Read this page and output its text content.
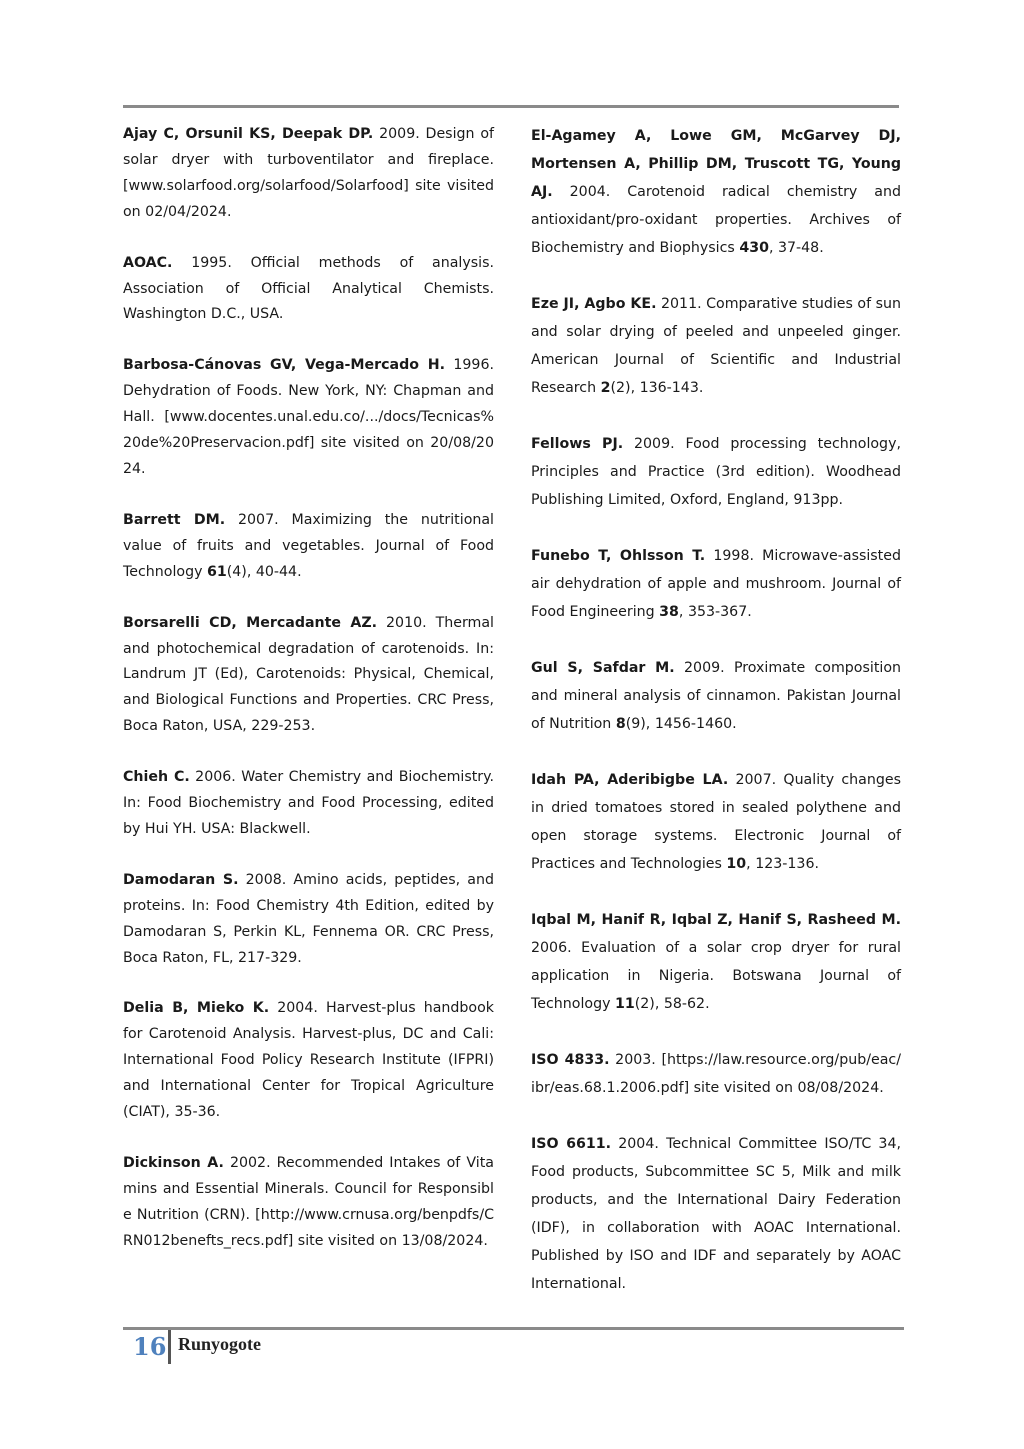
Ajay C, Orsunil KS, Deepak DP. 2009. Design of solar dryer with turboventilator and fireplace. [www.solarfood.org/solarfood/Solarfood] site visited on 02/04/2024.

AOAC. 1995. Official methods of analysis. Association of Official Analytical Chemists. Washington D.C., USA.

Barbosa-Cánovas GV, Vega-Mercado H. 1996. Dehydration of Foods. New York, NY: Chapman and Hall. [www.docentes.unal.edu.co/.../docs/Tecnicas%20de%20Preservacion.pdf] site visited on 20/08/2024.

Barrett DM. 2007. Maximizing the nutritional value of fruits and vegetables. Journal of Food Technology 61(4), 40-44.

Borsarelli CD, Mercadante AZ. 2010. Thermal and photochemical degradation of carotenoids. In: Landrum JT (Ed), Carotenoids: Physical, Chemical, and Biological Functions and Properties. CRC Press, Boca Raton, USA, 229-253.

Chieh C. 2006. Water Chemistry and Biochemistry. In: Food Biochemistry and Food Processing, edited by Hui YH. USA: Blackwell.

Damodaran S. 2008. Amino acids, peptides, and proteins. In: Food Chemistry 4th Edition, edited by Damodaran S, Perkin KL, Fennema OR. CRC Press, Boca Raton, FL, 217-329.

Delia B, Mieko K. 2004. Harvest-plus handbook for Carotenoid Analysis. Harvest-plus, DC and Cali: International Food Policy Research Institute (IFPRI) and International Center for Tropical Agriculture (CIAT), 35-36.

Dickinson A. 2002. Recommended Intakes of Vitamins and Essential Minerals. Council for Responsible Nutrition (CRN). [http://www.crnusa.org/benpdfs/CRN012benefts_recs.pdf] site visited on 13/08/2024.

El-Agamey A, Lowe GM, McGarvey DJ, Mortensen A, Phillip DM, Truscott TG, Young AJ. 2004. Carotenoid radical chemistry and antioxidant/pro-oxidant properties. Archives of Biochemistry and Biophysics 430, 37-48.

Eze JI, Agbo KE. 2011. Comparative studies of sun and solar drying of peeled and unpeeled ginger. American Journal of Scientific and Industrial Research 2(2), 136-143.

Fellows PJ. 2009. Food processing technology, Principles and Practice (3rd edition). Woodhead Publishing Limited, Oxford, England, 913pp.

Funebo T, Ohlsson T. 1998. Microwave-assisted air dehydration of apple and mushroom. Journal of Food Engineering 38, 353-367.

Gul S, Safdar M. 2009. Proximate composition and mineral analysis of cinnamon. Pakistan Journal of Nutrition 8(9), 1456-1460.

Idah PA, Aderibigbe LA. 2007. Quality changes in dried tomatoes stored in sealed polythene and open storage systems. Electronic Journal of Practices and Technologies 10, 123-136.

Iqbal M, Hanif R, Iqbal Z, Hanif S, Rasheed M. 2006. Evaluation of a solar crop dryer for rural application in Nigeria. Botswana Journal of Technology 11(2), 58-62.

ISO 4833. 2003. [https://law.resource.org/pub/eac/ibr/eas.68.1.2006.pdf] site visited on 08/08/2024.

ISO 6611. 2004. Technical Committee ISO/TC 34, Food products, Subcommittee SC 5, Milk and milk products, and the International Dairy Federation (IDF), in collaboration with AOAC International. Published by ISO and IDF and separately by AOAC International.

16 Runyogote
